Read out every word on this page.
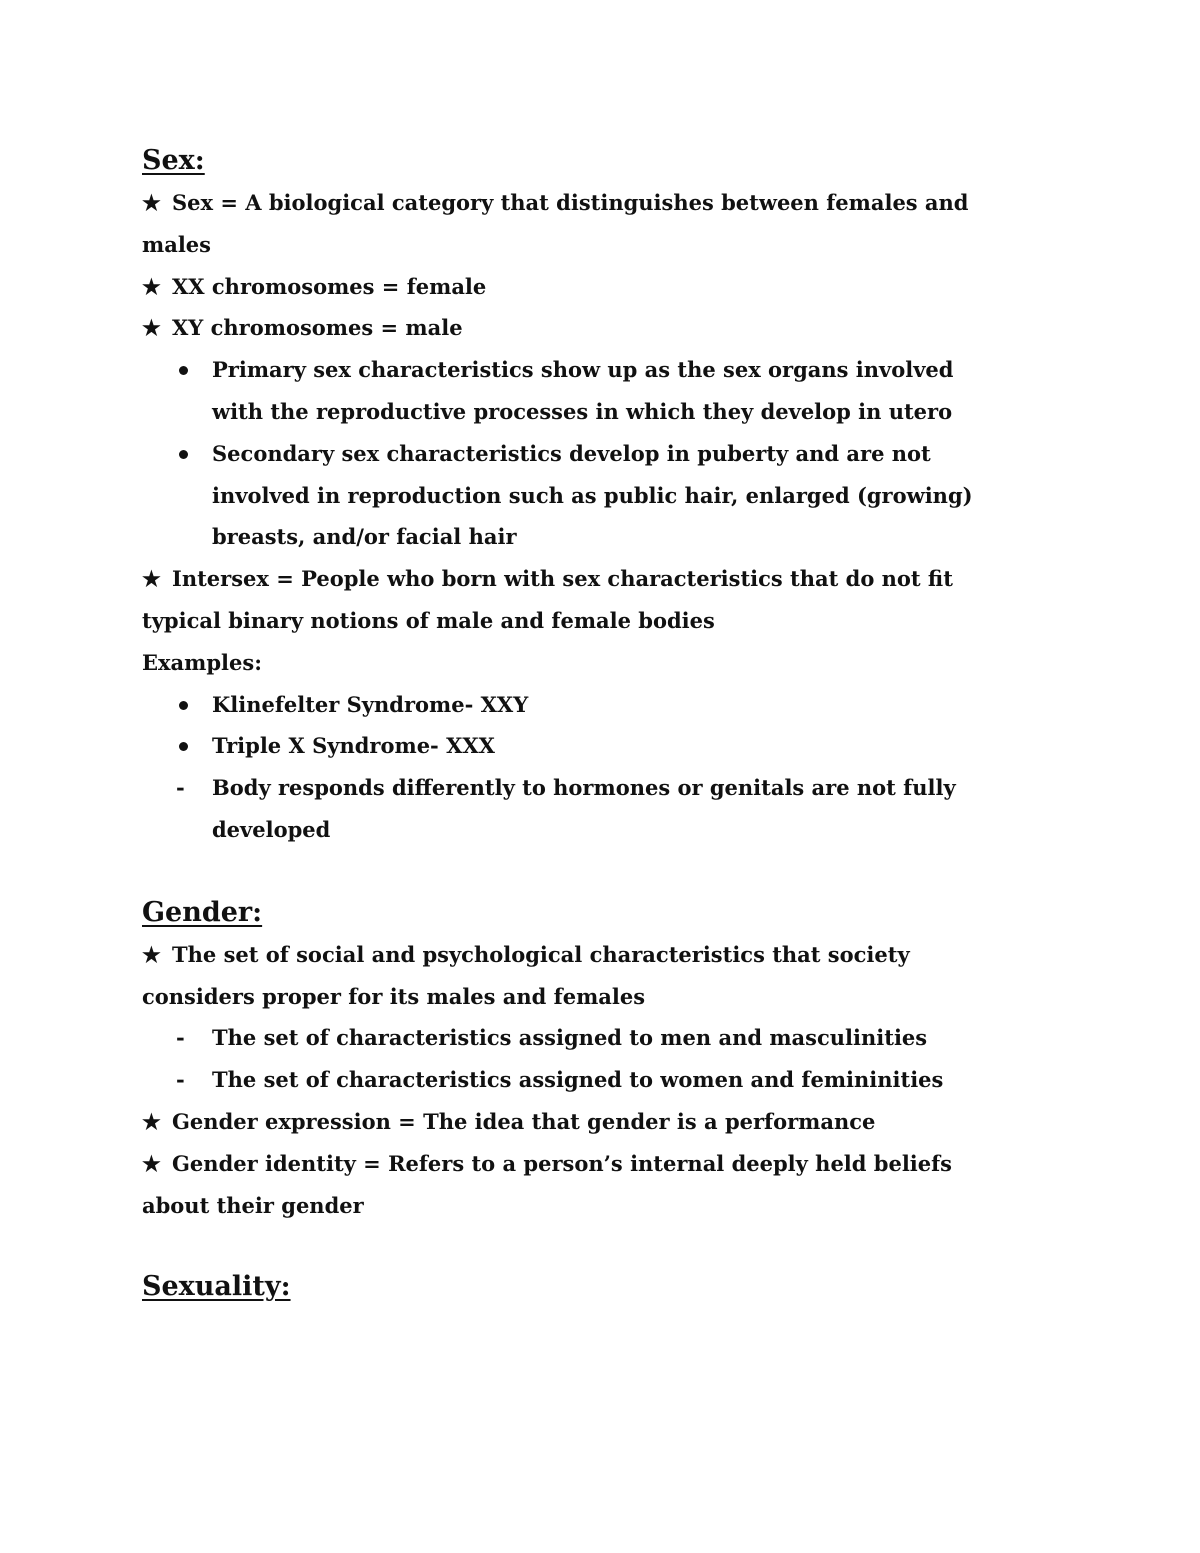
Sex:

★ Sex = A biological category that distinguishes between females and

males

★ XX chromosomes = female

★ XY chromosomes = male

Primary sex characteristics show up as the sex organs involved

with the reproductive processes in which they develop in utero

Secondary sex characteristics develop in puberty and are not

involved in reproduction such as public hair, enlarged (growing)

breasts, and/or facial hair

★ Intersex = People who born with sex characteristics that do not fit

typical binary notions of male and female bodies

Examples:

Klinefelter Syndrome- XXY

Triple X Syndrome- XXX

-	Body responds differently to hormones or genitals are not fully

developed

Gender:

★ The set of social and psychological characteristics that society

considers proper for its males and females

-	The set of characteristics assigned to men and masculinities

-	The set of characteristics assigned to women and femininities

★ Gender expression = The idea that gender is a performance

★ Gender identity = Refers to a person’s internal deeply held beliefs

about their gender

Sexuality:
